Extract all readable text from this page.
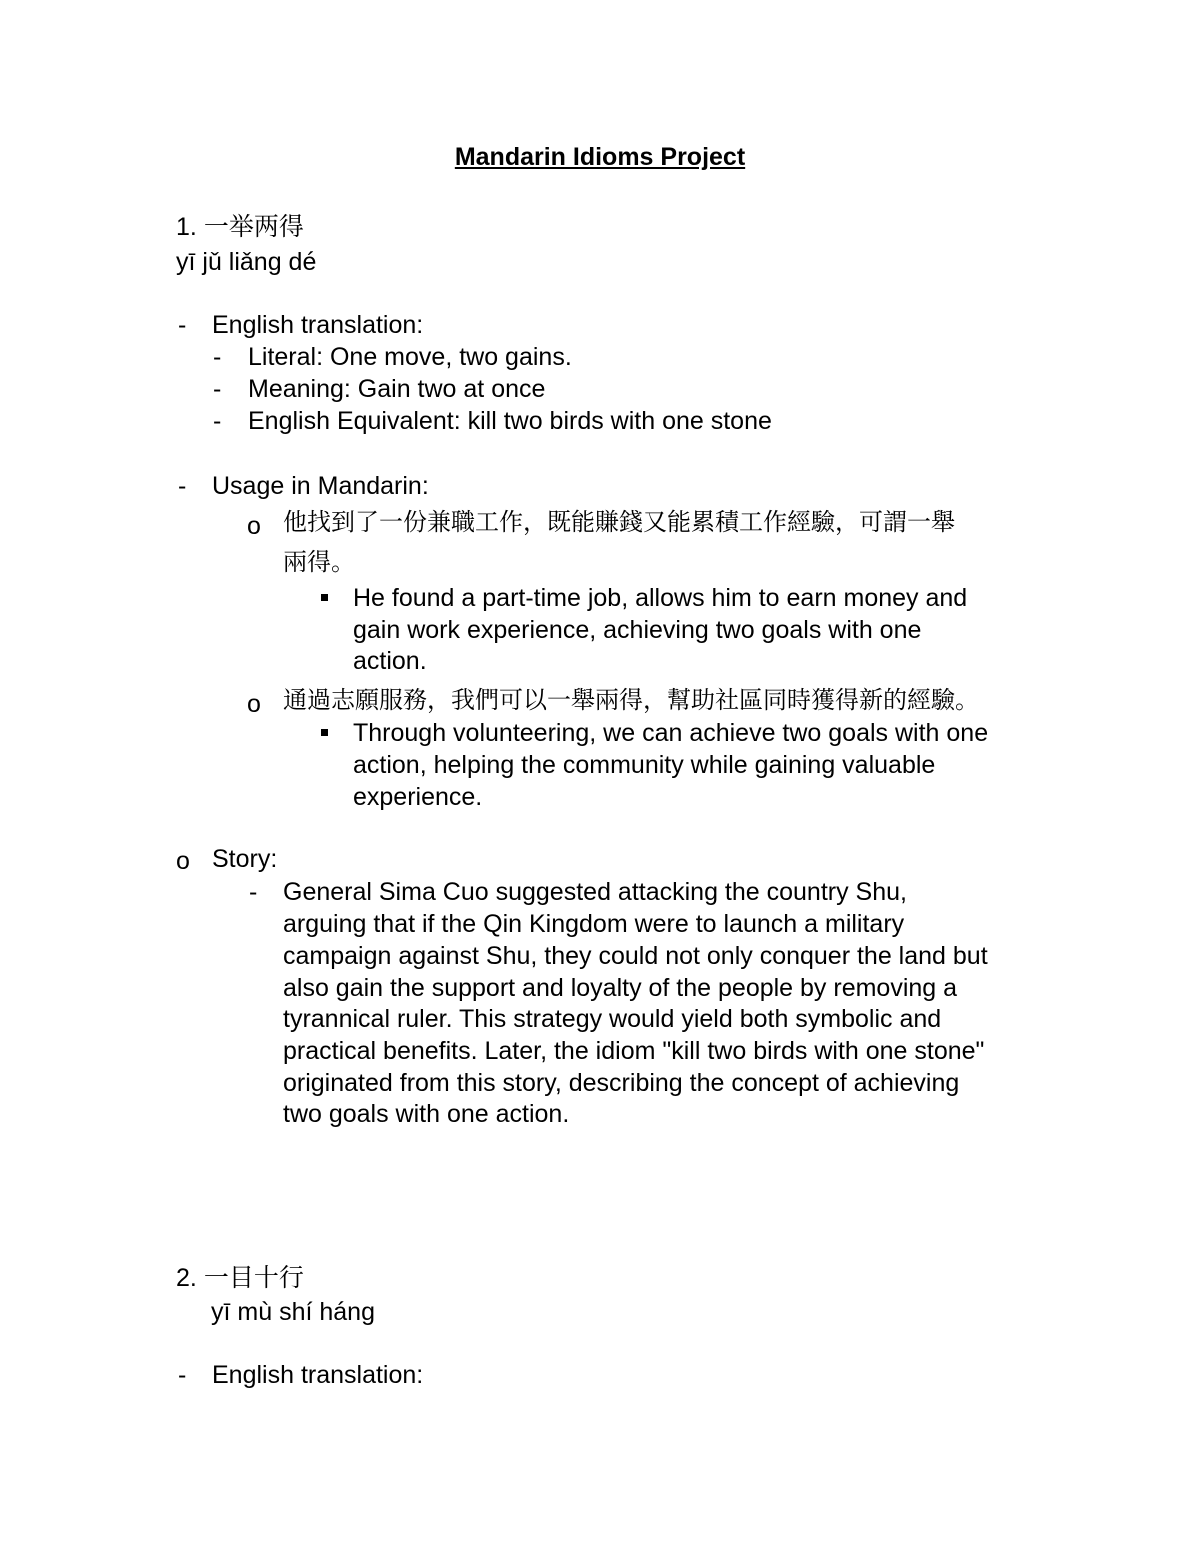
Mandarin Idioms Project
1. 一举两得
yī jǔ liǎng dé
- English translation:
- Literal: One move, two gains.
- Meaning: Gain two at once
- English Equivalent: kill two birds with one stone
- Usage in Mandarin:
o 他找到了一份兼職工作，既能賺錢又能累積工作經驗，可謂一舉
兩得。
He found a part-time job, allows him to earn money and
gain work experience, achieving two goals with one
action.
o 通過志願服務，我們可以一舉兩得，幫助社區同時獲得新的經驗。
Through volunteering, we can achieve two goals with one
action, helping the community while gaining valuable
experience.
o Story:
- General Sima Cuo suggested attacking the country Shu,
arguing that if the Qin Kingdom were to launch a military
campaign against Shu, they could not only conquer the land but
also gain the support and loyalty of the people by removing a
tyrannical ruler. This strategy would yield both symbolic and
practical benefits. Later, the idiom "kill two birds with one stone"
originated from this story, describing the concept of achieving
two goals with one action.
2. 一目十行
yī mù shí háng
- English translation:
